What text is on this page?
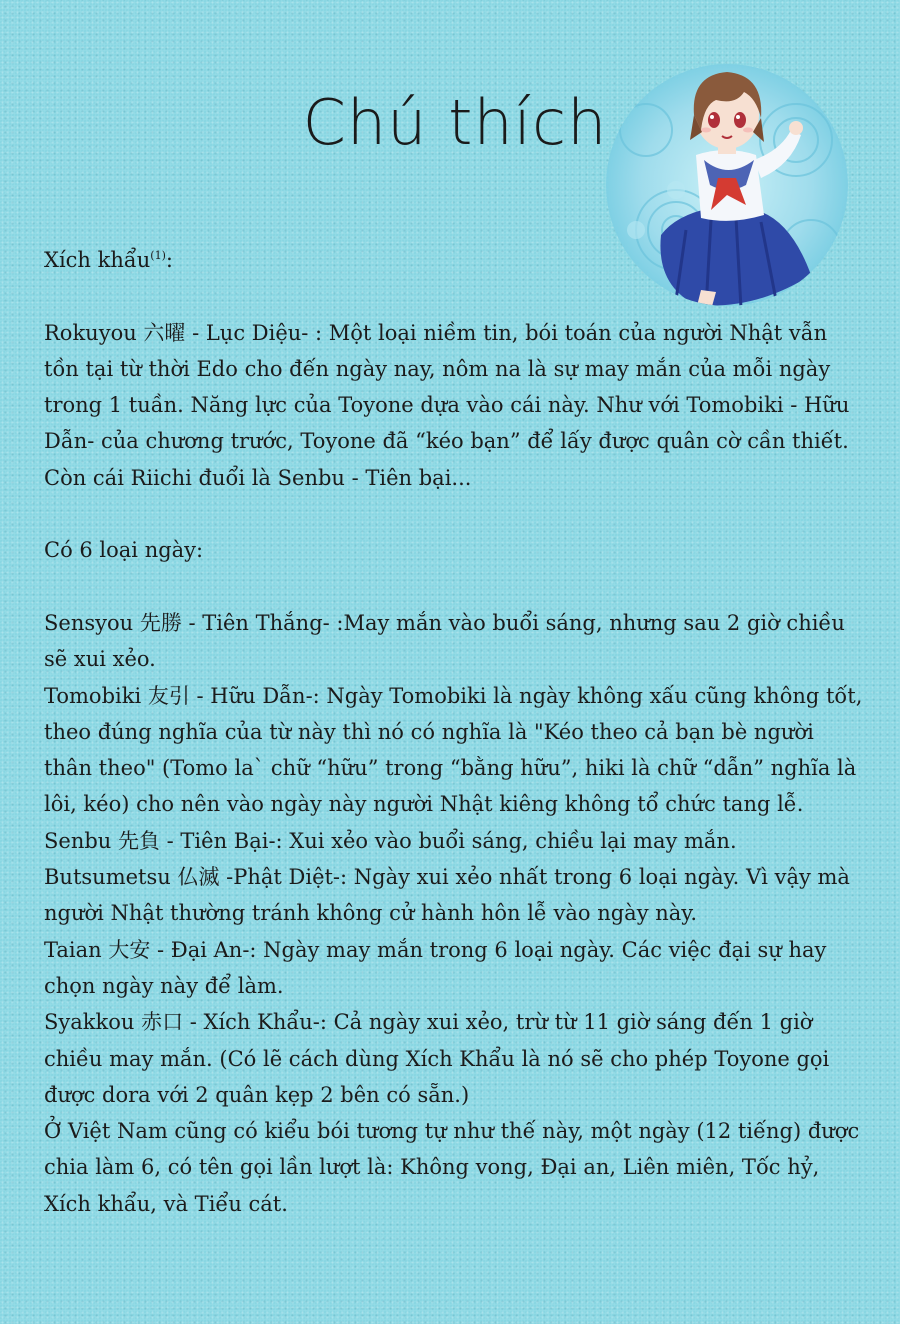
Chú thích

Xích khẩu$^{(1)}$:

Rokuyou 六曜 - Lục Diệu- : Một loại niềm tin, bói toán của người Nhật vẫn tồn tại từ thời Edo cho đến ngày nay, nôm na là sự may mắn của mỗi ngày trong 1 tuần. Năng lực của Toyone dựa vào cái này. Như với Tomobiki - Hữu Dẫn- của chương trước, Toyone đã “kéo bạn” để lấy được quân cờ cần thiết. Còn cái Riichi đuổi là Senbu - Tiên bại...

Có 6 loại ngày:

Sensyou 先勝 - Tiên Thắng- :May mắn vào buổi sáng, nhưng sau 2 giờ chiều sẽ xui xẻo.

Tomobiki 友引 - Hữu Dẫn-: Ngày Tomobiki là ngày không xấu cũng không tốt, theo đúng nghĩa của từ này thì nó có nghĩa là "Kéo theo cả bạn bè người thân theo" (Tomo la` chữ “hữu” trong “bằng hữu”, hiki là chữ “dẫn” nghĩa là lôi, kéo) cho nên vào ngày này người Nhật kiêng không tổ chức tang lễ.

Senbu 先負 - Tiên Bại-: Xui xẻo vào buổi sáng, chiều lại may mắn.

Butsumetsu 仏滅 -Phật Diệt-: Ngày xui xẻo nhất trong 6 loại ngày. Vì vậy mà người Nhật thường tránh không cử hành hôn lễ vào ngày này.

Taian 大安 - Đại An-: Ngày may mắn trong 6 loại ngày. Các việc đại sự hay chọn ngày này để làm.

Syakkou 赤口 - Xích Khẩu-: Cả ngày xui xẻo, trừ từ 11 giờ sáng đến 1 giờ chiều may mắn. (Có lẽ cách dùng Xích Khẩu là nó sẽ cho phép Toyone gọi được dora với 2 quân kẹp 2 bên có sẵn.)

Ở Việt Nam cũng có kiểu bói tương tự như thế này, một ngày (12 tiếng) được chia làm 6, có tên gọi lần lượt là: Không vong, Đại an, Liên miên, Tốc hỷ, Xích khẩu, và Tiểu cát.
